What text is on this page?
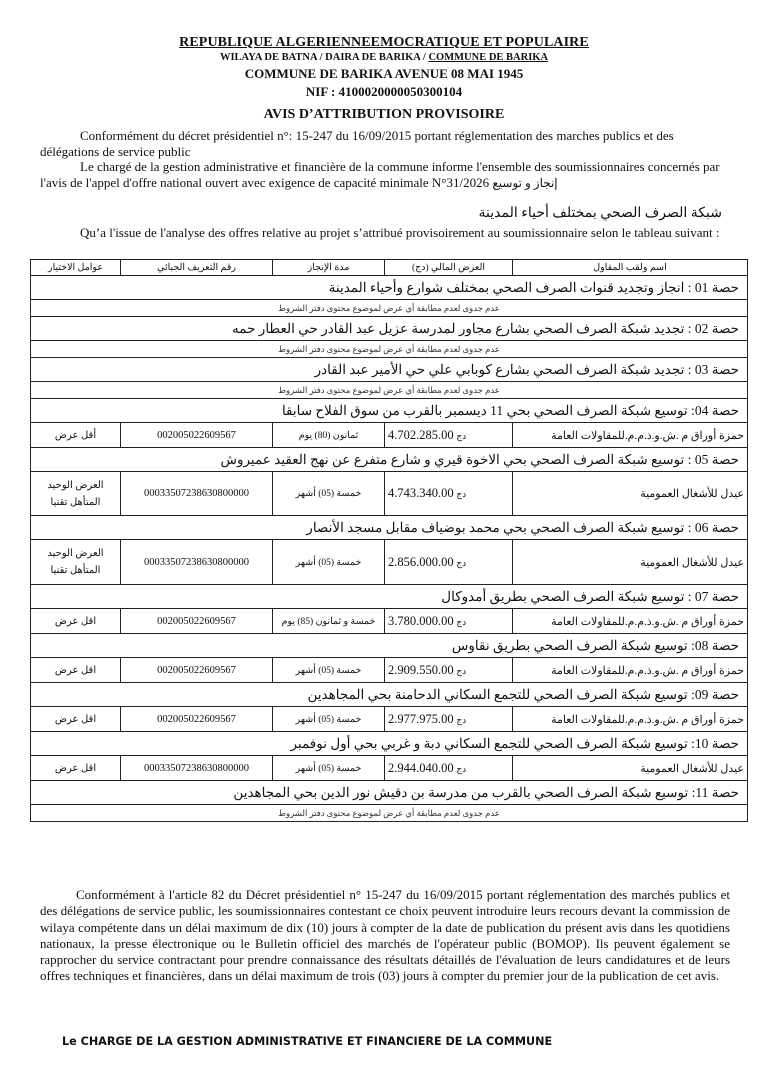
REPUBLIQUE ALGERIENNEEMOCRATIQUE ET POPULAIRE
WILAYA DE BATNA / DAIRA DE BARIKA / COMMUNE DE BARIKA
COMMUNE DE BARIKA AVENUE 08 MAI 1945
NIF : 4100020000050300104
AVIS D’ATTRIBUTION PROVISOIRE
Conformément du décret présidentiel n°: 15-247 du 16/09/2015 portant réglementation des marches publics et des délégations de service public
Le chargé de la gestion administrative et financière de la commune informe l'ensemble des soumissionnaires concernés par l'avis de l'appel d'offre national ouvert avec exigence de capacité minimale N°31/2026 إنجاز و توسيع
شبكة الصرف الصحي بمختلف أحياء المدينة
Qu’a l'issue de l'analyse des offres relative au projet s’attribué provisoirement au soumissionnaire selon le tableau suivant :
عوامل الاختيار	رقم التعريف الجبائي	مدة الإنجاز	العرض المالي (دج)	اسم ولقب المقاول
حصة 01 : انجاز وتجديد قنوات الصرف الصحي بمختلف شوارع وأحياء المدينة				
عدم جدوى لعدم مطابقة أي عرض لموضوع محتوى دفتر الشروط				
حصة 02 : تجديد شبكة الصرف الصحي بشارع مجاور لمدرسة عزيل عبد القادر حي العطار حمه				
عدم جدوى لعدم مطابقة أي عرض لموضوع محتوى دفتر الشروط				
حصة 03 : تجديد شبكة الصرف الصحي بشارع كوبابي علي حي الأمير عبد القادر				
عدم جدوى لعدم مطابقة أي عرض لموضوع محتوى دفتر الشروط				
حصة 04: توسيع شبكة الصرف الصحي بحي 11 ديسمبر بالقرب من سوق الفلاح سابقا				
أقل عرض	002005022609567	ثمانون (80) يوم	دج 4.702.285.00	حمزة أوراق م .ش.و.ذ.م.م.للمقاولات العامة
حصة 05 : توسيع شبكة الصرف الصحي بحي الاخوة قيري و شارع متفرع عن نهج العقيد عميروش				
العرض الوحيد المتأهل تقنيا	00033507238630800000	خمسة (05) أشهر	دج 4.743.340.00	عيدل للأشغال العمومية
حصة 06 : توسيع شبكة الصرف الصحي بحي محمد بوضياف مقابل مسجد الأنصار				
العرض الوحيد المتأهل تقنيا	00033507238630800000	خمسة (05) أشهر	دج 2.856.000.00	عيدل للأشغال العمومية
حصة 07 : توسيع شبكة الصرف الصحي بطريق أمدوكال				
اقل عرض	002005022609567	خمسة و ثمانون (85) يوم	دج 3.780.000.00	حمزة أوراق م .ش.و.ذ.م.م.للمقاولات العامة
حصة 08: توسيع شبكة الصرف الصحي بطريق نقاوس				
اقل عرض	002005022609567	خمسة (05) أشهر	دج 2.909.550.00	حمزة أوراق م .ش.و.ذ.م.م.للمقاولات العامة
حصة 09: توسيع شبكة الصرف الصحي للتجمع السكاني الدحامنة بحي المجاهدين				
اقل عرض	002005022609567	خمسة (05) أشهر	دج 2.977.975.00	حمزة أوراق م .ش.و.ذ.م.م.للمقاولات العامة
حصة 10: توسيع شبكة الصرف الصحي للتجمع السكاني دبة و غربي بحي أول نوفمبر				
اقل عرض	00033507238630800000	خمسة (05) أشهر	دج 2.944.040.00	عيدل للأشغال العمومية
حصة 11: توسيع شبكة الصرف الصحي بالقرب من مدرسة بن دقيش نور الدين بحي المجاهدين				
عدم جدوى لعدم مطابقة أي عرض لموضوع محتوى دفتر الشروط				
Conformément à l'article 82 du Décret présidentiel n° 15-247 du 16/09/2015 portant réglementation des marchés publics et des délégations de service public, les soumissionnaires contestant ce choix peuvent introduire leurs recours devant la commission de wilaya compétente dans un délai maximum de dix (10) jours à compter de la date de publication du présent avis dans les quotidiens nationaux, la presse électronique ou le Bulletin officiel des marchés de l'opérateur public (BOMOP). Ils peuvent également se rapprocher du service contractant pour prendre connaissance des résultats détaillés de l'évaluation de leurs candidatures et de leurs offres techniques et financières, dans un délai maximum de trois (03) jours à compter du premier jour de la publication de cet avis.
Le CHARGE DE LA GESTION ADMINISTRATIVE ET FINANCIERE DE LA COMMUNE
